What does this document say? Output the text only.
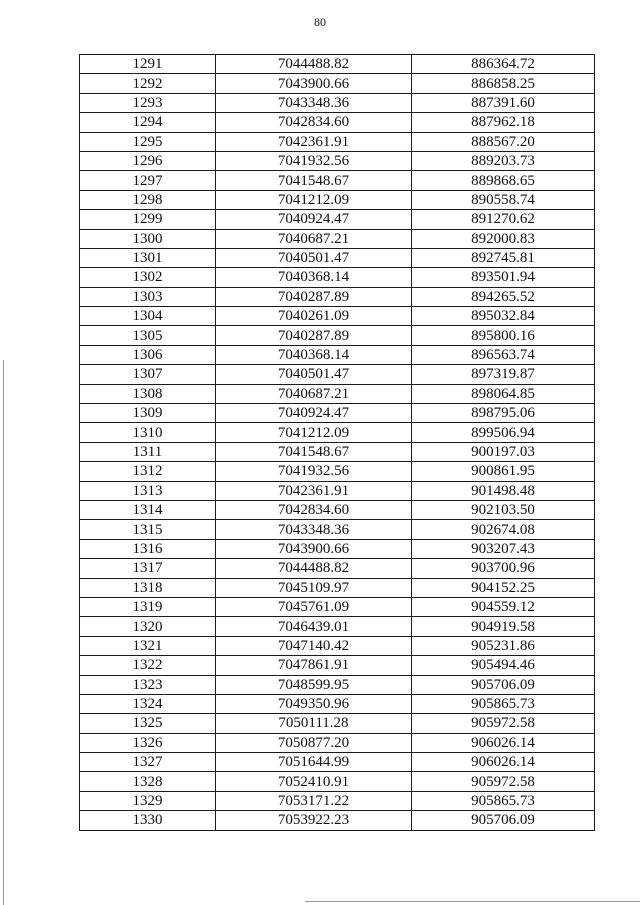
80
1291	7044488.82	886364.72
1292	7043900.66	886858.25
1293	7043348.36	887391.60
1294	7042834.60	887962.18
1295	7042361.91	888567.20
1296	7041932.56	889203.73
1297	7041548.67	889868.65
1298	7041212.09	890558.74
1299	7040924.47	891270.62
1300	7040687.21	892000.83
1301	7040501.47	892745.81
1302	7040368.14	893501.94
1303	7040287.89	894265.52
1304	7040261.09	895032.84
1305	7040287.89	895800.16
1306	7040368.14	896563.74
1307	7040501.47	897319.87
1308	7040687.21	898064.85
1309	7040924.47	898795.06
1310	7041212.09	899506.94
1311	7041548.67	900197.03
1312	7041932.56	900861.95
1313	7042361.91	901498.48
1314	7042834.60	902103.50
1315	7043348.36	902674.08
1316	7043900.66	903207.43
1317	7044488.82	903700.96
1318	7045109.97	904152.25
1319	7045761.09	904559.12
1320	7046439.01	904919.58
1321	7047140.42	905231.86
1322	7047861.91	905494.46
1323	7048599.95	905706.09
1324	7049350.96	905865.73
1325	7050111.28	905972.58
1326	7050877.20	906026.14
1327	7051644.99	906026.14
1328	7052410.91	905972.58
1329	7053171.22	905865.73
1330	7053922.23	905706.09
